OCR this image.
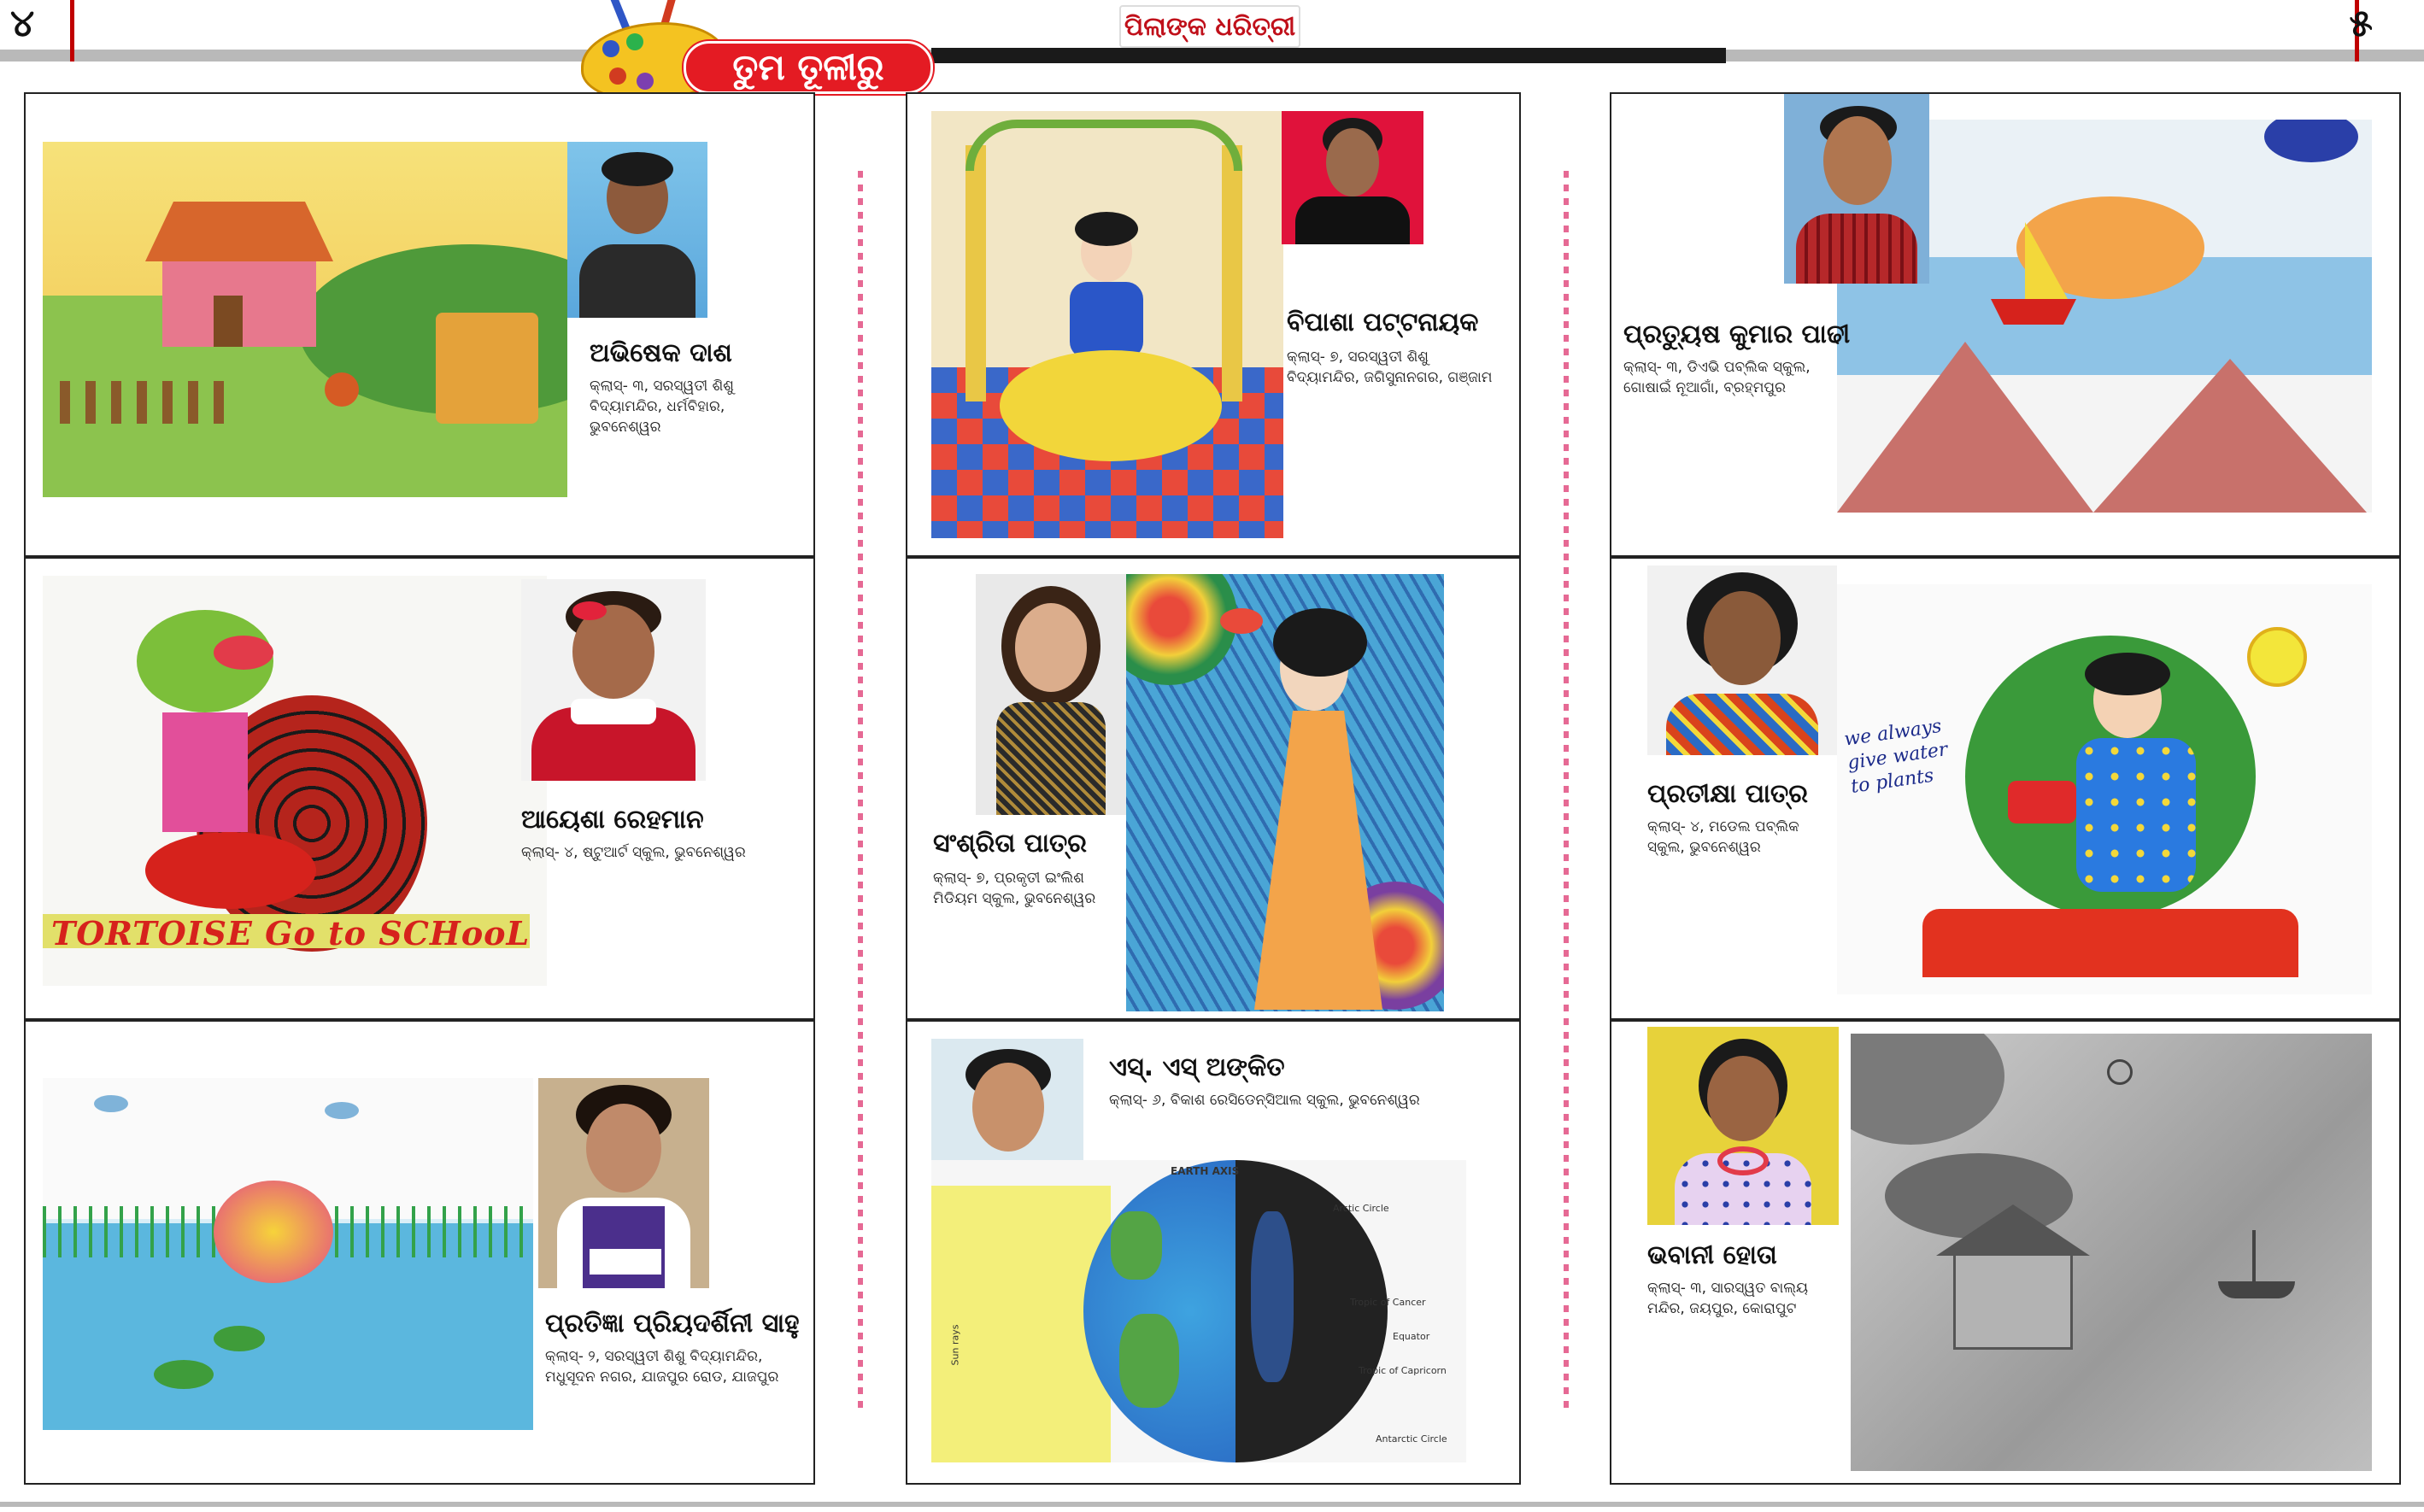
୪	୫
ତୁମ ତୂଳୀରୁ
ପିଲାଙ୍କ ଧରିତ୍ରୀ
ଅଭିଷେକ ଦାଶ
କ୍ଲାସ୍- ୩, ସରସ୍ୱତୀ ଶିଶୁ ବିଦ୍ୟାମନ୍ଦିର, ଧର୍ମବିହାର, ଭୁବନେଶ୍ୱର
TORTOISE Go to SCHooL
ଆୟେଶା ରେହମାନ
କ୍ଲାସ୍- ୪, ଷ୍ଟୁଆର୍ଟ ସ୍କୁଲ, ଭୁବନେଶ୍ୱର
ପ୍ରତିଜ୍ଞା ପ୍ରିୟଦର୍ଶିନୀ ସାହୁ
କ୍ଲାସ୍- ୨, ସରସ୍ୱତୀ ଶିଶୁ ବିଦ୍ୟାମନ୍ଦିର, ମଧୁସୂଦନ ନଗର, ଯାଜପୁର ରୋଡ, ଯାଜପୁର
ବିପାଶା ପଟ୍ଟନାୟକ
କ୍ଲାସ୍- ୭, ସରସ୍ୱତୀ ଶିଶୁ ବିଦ୍ୟାମନ୍ଦିର, ଜଗିସୁନାନଗର, ଗଞ୍ଜାମ
ସଂଶ୍ରିତା ପାତ୍ର
କ୍ଲାସ୍- ୭, ପ୍ରକୃତୀ ଇଂଲିଶ ମିଡିୟମ ସ୍କୁଲ, ଭୁବନେଶ୍ୱର
ଏସ୍. ଏସ୍ ଅଙ୍କିତ
କ୍ଲାସ୍- ୬, ବିକାଶ ରେସିଡେନ୍ସିଆଲ ସ୍କୁଲ, ଭୁବନେଶ୍ୱର
EARTH AXIS
Arctic Circle
Tropic of Cancer
Equator
Tropic of Capricorn
Antarctic Circle
Sun rays
ପ୍ରତ୍ୟୁଷ କୁମାର ପାଢୀ
କ୍ଲାସ୍- ୩, ଡିଏଭି ପବ୍ଲିକ ସ୍କୁଲ, ଗୋଷାଇଁ ନୂଆଗାଁ, ବ୍ରହ୍ମପୁର
we always give water to plants
ପ୍ରତୀକ୍ଷା ପାତ୍ର
କ୍ଲାସ୍- ୪, ମଡେଲ ପବ୍ଲିକ ସ୍କୁଲ, ଭୁବନେଶ୍ୱର
ଭବାନୀ ହୋତା
କ୍ଲାସ୍- ୩, ସାରସ୍ୱତ ବାଲ୍ୟ ମନ୍ଦିର, ଜୟପୁର, କୋରାପୁଟ
